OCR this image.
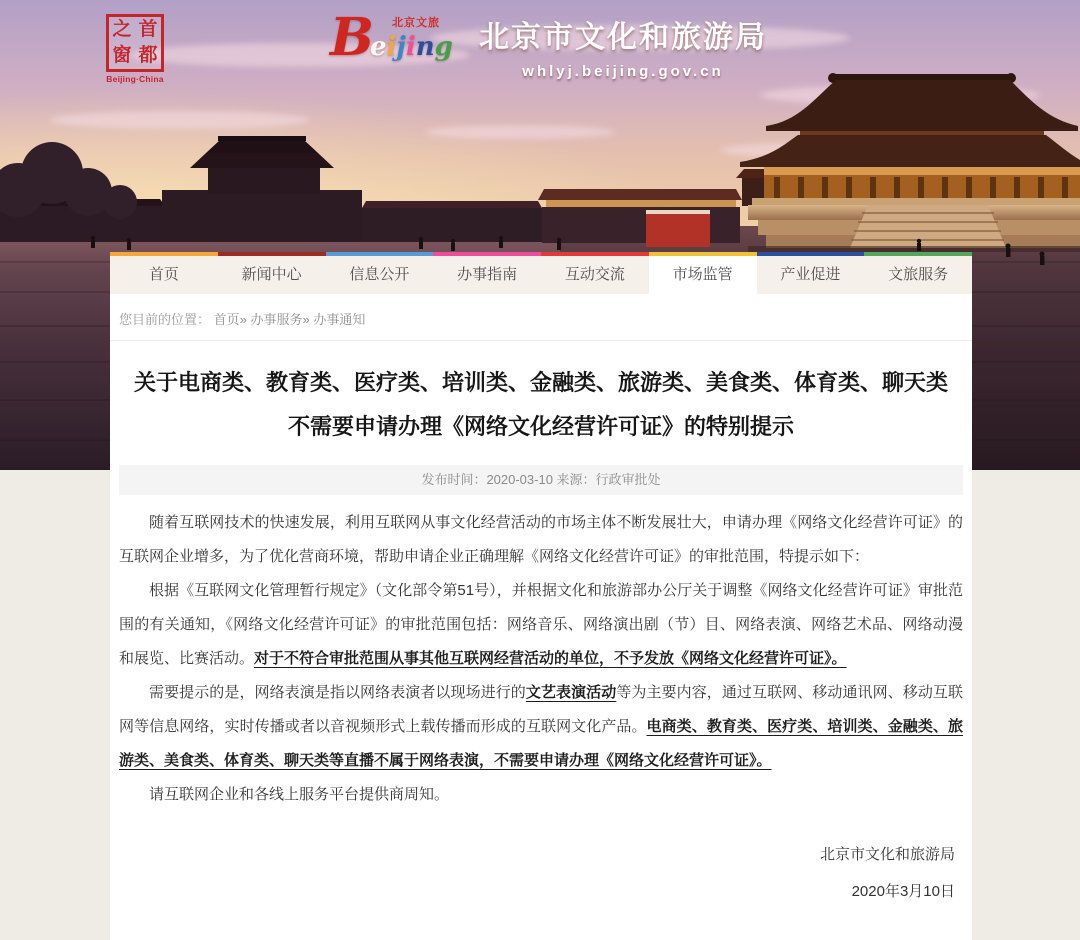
之 首
窗 都
Beijing·China
Beijing
北京文旅	北京市文化和旅游局
whlyj.beijing.gov.cn
首页	新闻中心	信息公开	办事指南	互动交流	市场监管	产业促进	文旅服务
您目前的位置： 首页» 办事服务» 办事通知
关于电商类、教育类、医疗类、培训类、金融类、旅游类、美食类、体育类、聊天类不需要申请办理《网络文化经营许可证》的特别提示
发布时间：2020-03-10 来源：行政审批处

随着互联网技术的快速发展，利用互联网从事文化经营活动的市场主体不断发展壮大，申请办理《网络文化经营许可证》的互联网企业增多，为了优化营商环境，帮助申请企业正确理解《网络文化经营许可证》的审批范围，特提示如下：

根据《互联网文化管理暂行规定》（文化部令第51号），并根据文化和旅游部办公厅关于调整《网络文化经营许可证》审批范围的有关通知，《网络文化经营许可证》的审批范围包括：网络音乐、网络演出剧（节）目、网络表演、网络艺术品、网络动漫和展览、比赛活动。对于不符合审批范围从事其他互联网经营活动的单位，不予发放《网络文化经营许可证》。

需要提示的是，网络表演是指以网络表演者以现场进行的文艺表演活动等为主要内容，通过互联网、移动通讯网、移动互联网等信息网络，实时传播或者以音视频形式上载传播而形成的互联网文化产品。电商类、教育类、医疗类、培训类、金融类、旅游类、美食类、体育类、聊天类等直播不属于网络表演，不需要申请办理《网络文化经营许可证》。

请互联网企业和各线上服务平台提供商周知。

北京市文化和旅游局
2020年3月10日
